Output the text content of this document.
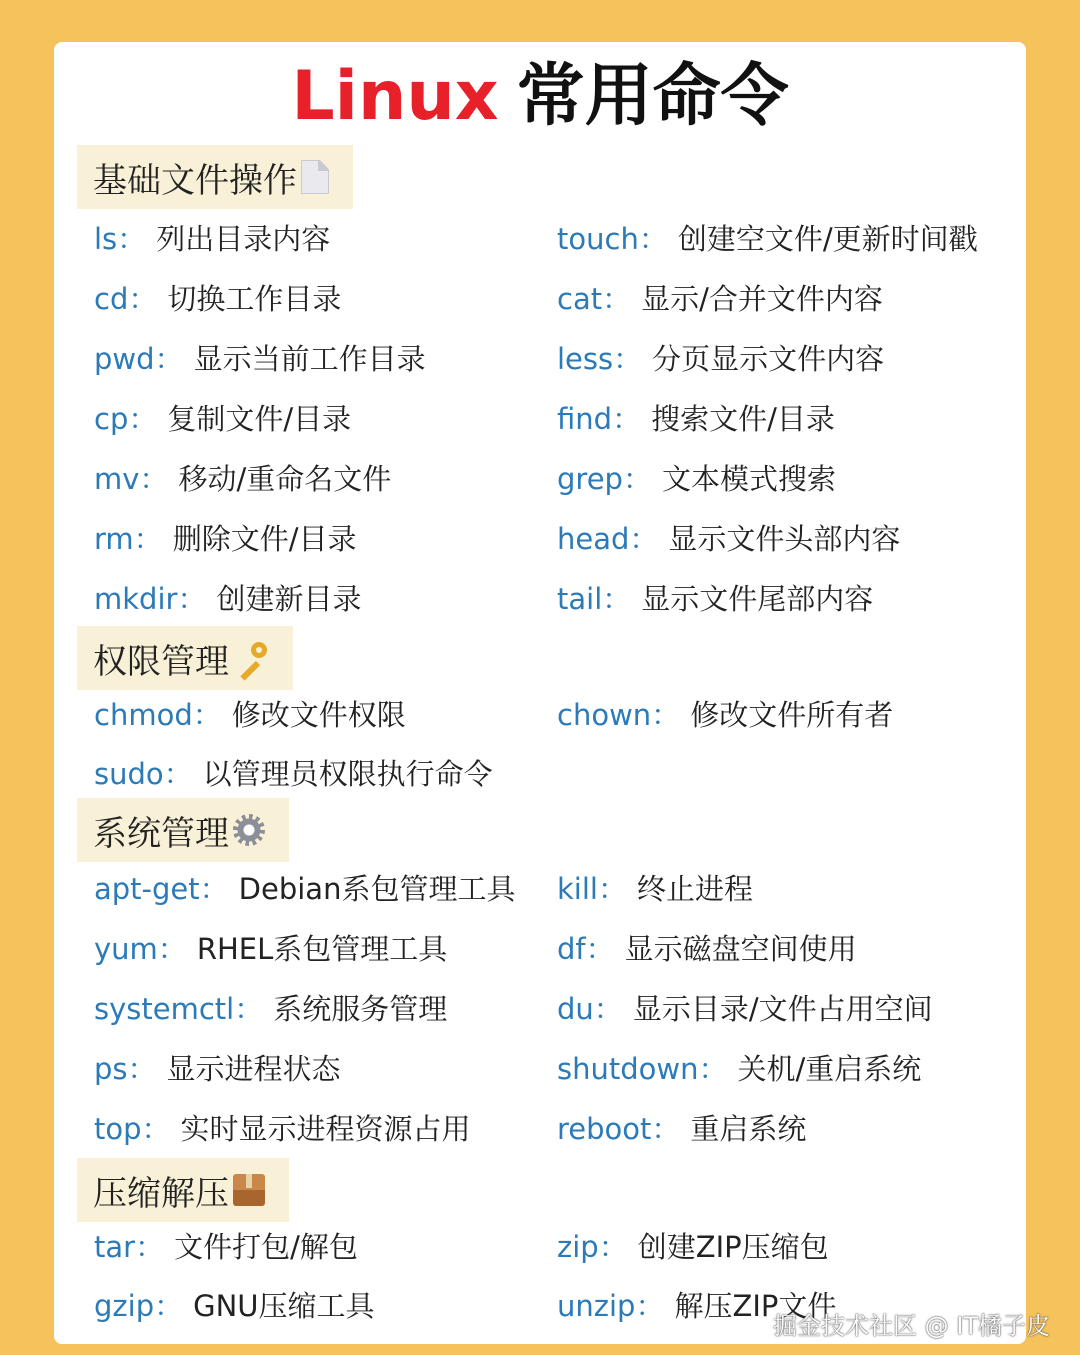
Linux 常用命令
基础文件操作
ls： 列出目录内容	touch： 创建空文件/更新时间戳
cd： 切换工作目录	cat： 显示/合并文件内容
pwd： 显示当前工作目录	less： 分页显示文件内容
cp： 复制文件/目录	find： 搜索文件/目录
mv： 移动/重命名文件	grep： 文本模式搜索
rm： 删除文件/目录	head： 显示文件头部内容
mkdir： 创建新目录	tail： 显示文件尾部内容
权限管理
chmod： 修改文件权限	chown： 修改文件所有者
sudo： 以管理员权限执行命令
系统管理
apt-get： Debian系包管理工具 kill： 终止进程
yum： RHEL系包管理工具	df： 显示磁盘空间使用
systemctl： 系统服务管理	du： 显示目录/文件占用空间
ps： 显示进程状态	shutdown： 关机/重启系统
top： 实时显示进程资源占用	reboot： 重启系统
压缩解压
tar： 文件打包/解包	zip： 创建ZIP压缩包
gzip： GNU压缩工具	unzip： 解压ZIP文件
掘金技术社区 @ IT橘子皮
